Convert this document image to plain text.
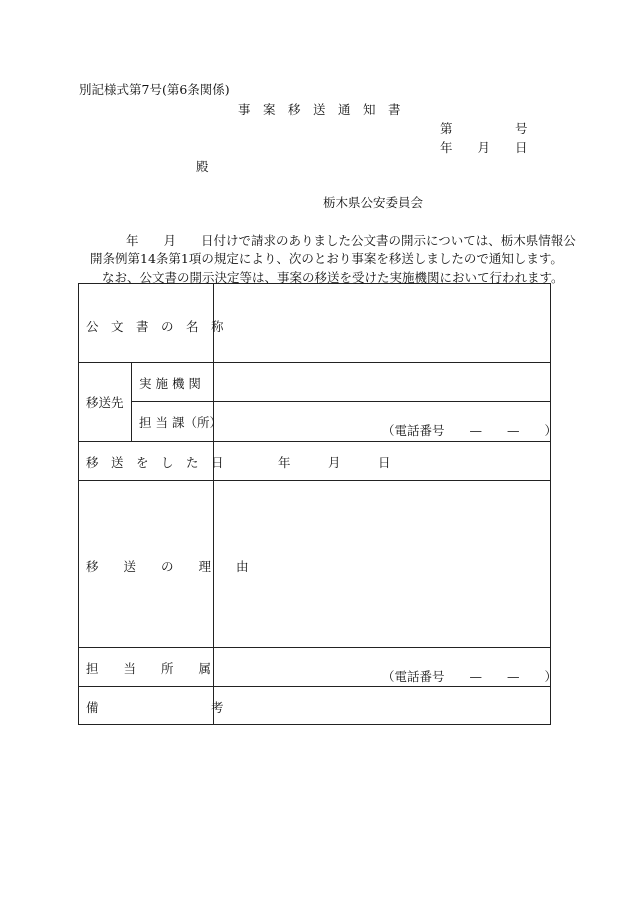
別記様式第7号(第6条関係)
事　案　移　送　通　知　書
第　　　　　号
年　　月　　日
殿
栃木県公安委員会
年　　月　　日付けで請求のありました公文書の開示については、栃木県情報公
開条例第14条第1項の規定により、次のとおり事案を移送しましたので通知します。
なお、公文書の開示決定等は、事案の移送を受けた実施機関において行われます。
公　文　書　の　名　称
移送先
実 施 機 関
担 当 課（所）
（電話番号　　—　　—　　）
移　送　を　し　た　日	年　　　月　　　日
移　　送　　の　　理　　由
担　　当　　所　　属
（電話番号　　—　　—　　）
備　　　　　　　　　考
